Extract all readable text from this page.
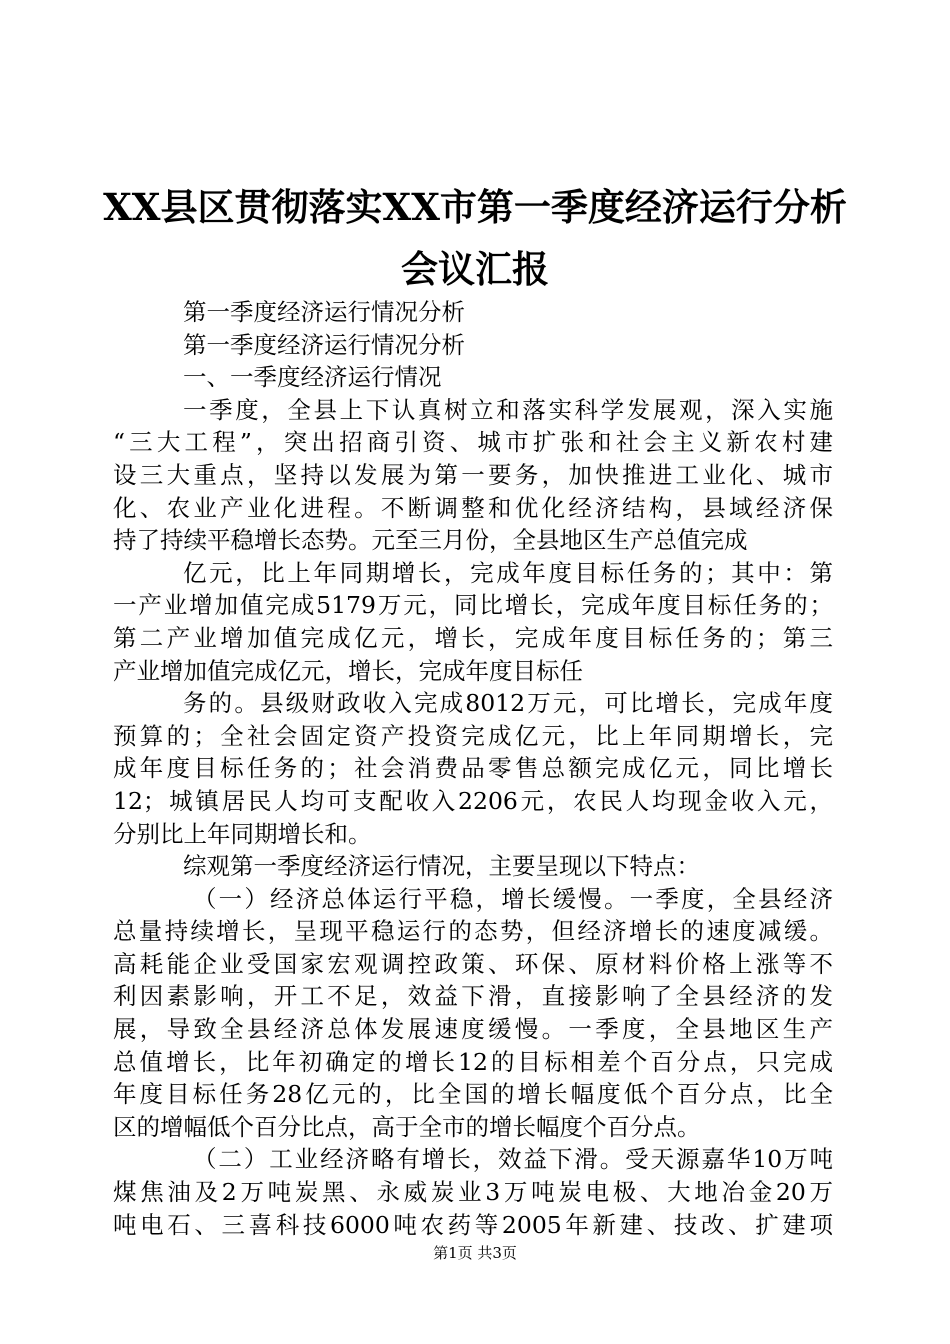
XX县区贯彻落实XX市第一季度经济运行分析
会议汇报
第一季度经济运行情况分析
第一季度经济运行情况分析
一、一季度经济运行情况
一季度，全县上下认真树立和落实科学发展观，深入实施
“三大工程”，突出招商引资、城市扩张和社会主义新农村建
设三大重点，坚持以发展为第一要务，加快推进工业化、城市
化、农业产业化进程。不断调整和优化经济结构，县域经济保
持了持续平稳增长态势。元至三月份，全县地区生产总值完成
亿元，比上年同期增长，完成年度目标任务的；其中：第
一产业增加值完成5179万元，同比增长，完成年度目标任务的；
第二产业增加值完成亿元，增长，完成年度目标任务的；第三
产业增加值完成亿元，增长，完成年度目标任
务的。县级财政收入完成8012万元，可比增长，完成年度
预算的；全社会固定资产投资完成亿元，比上年同期增长，完
成年度目标任务的；社会消费品零售总额完成亿元，同比增长
12；城镇居民人均可支配收入2206元，农民人均现金收入元，
分别比上年同期增长和。
综观第一季度经济运行情况，主要呈现以下特点：
（一）经济总体运行平稳，增长缓慢。一季度，全县经济
总量持续增长，呈现平稳运行的态势，但经济增长的速度减缓。
高耗能企业受国家宏观调控政策、环保、原材料价格上涨等不
利因素影响，开工不足，效益下滑，直接影响了全县经济的发
展，导致全县经济总体发展速度缓慢。一季度，全县地区生产
总值增长，比年初确定的增长12的目标相差个百分点，只完成
年度目标任务28亿元的，比全国的增长幅度低个百分点，比全
区的增幅低个百分比点，高于全市的增长幅度个百分点。
（二）工业经济略有增长，效益下滑。受天源嘉华10万吨
煤焦油及2万吨炭黑、永威炭业3万吨炭电极、大地冶金20万
吨电石、三喜科技6000吨农药等2005年新建、技改、扩建项
第1页 共3页
